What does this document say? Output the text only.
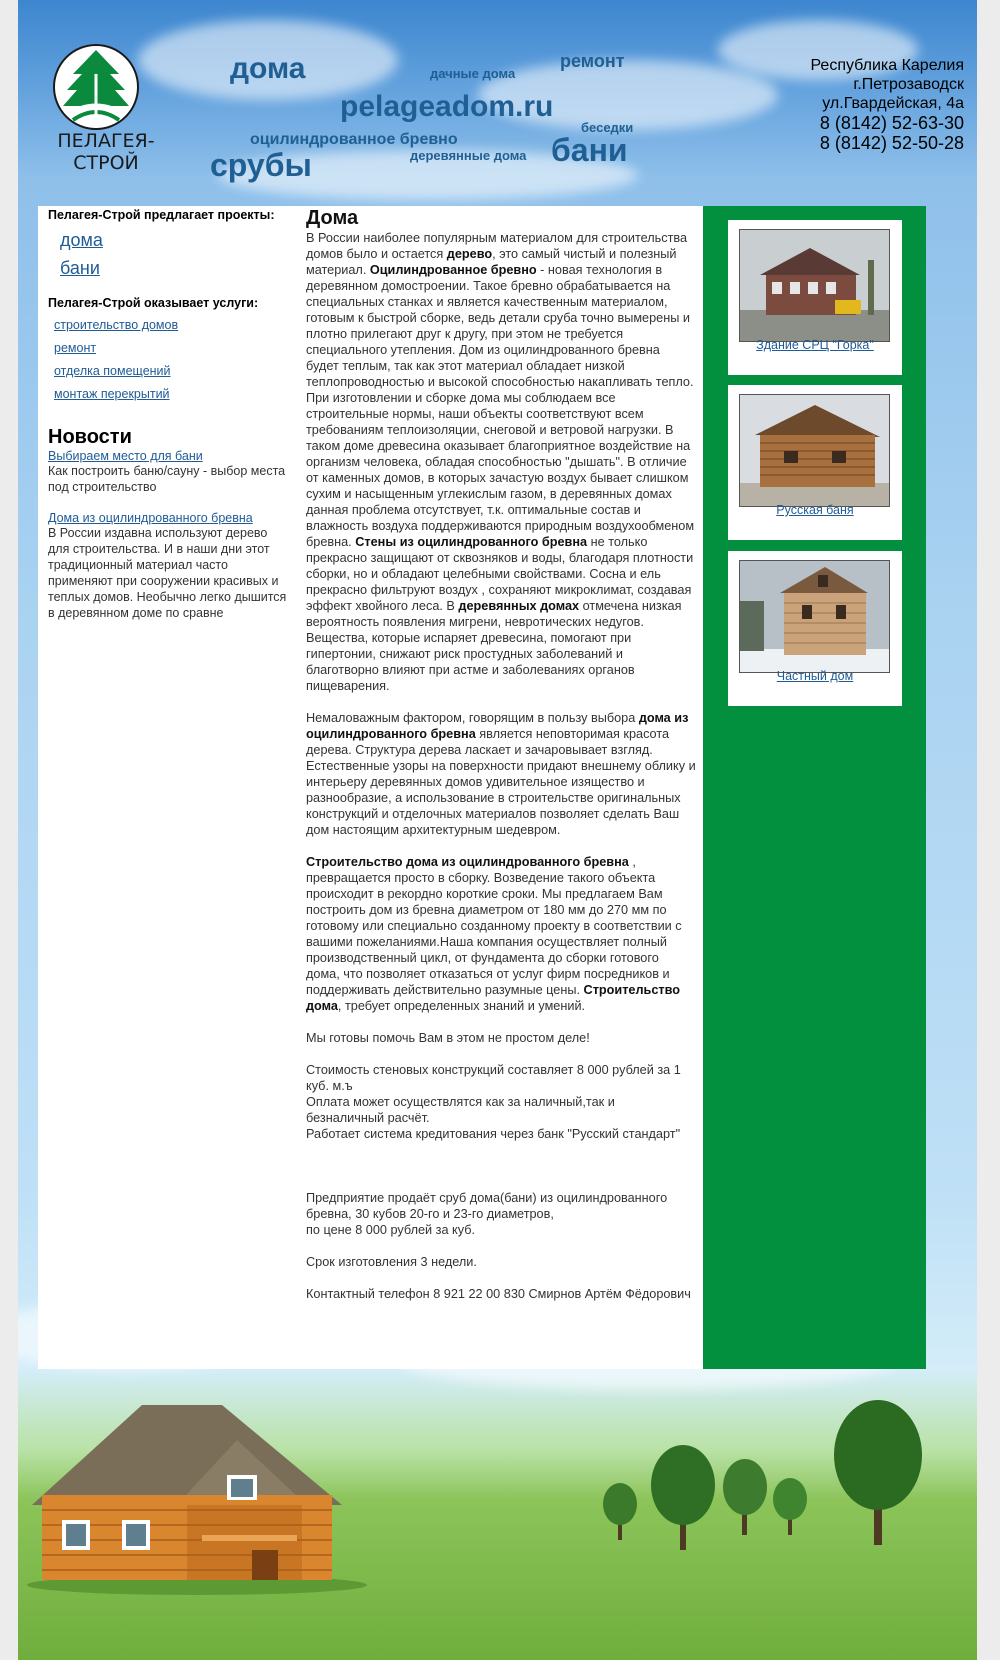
ПЕЛАГЕЯ-СТРОЙ
дома	дачные дома
ремонт
pelageadom.ru
беседки
оцилиндрованное бревно
деревянные дома бани
срубы
Республика Карелия
г.Петрозаводск
ул.Гвардейская, 4а
8 (8142) 52-63-30
8 (8142) 52-50-28
Пелагея-Строй предлагает проекты:
дома
бани
Пелагея-Строй оказывает услуги:
строительство домов
ремонт
отделка помещений
монтаж перекрытий
Новости
Выбираем место для бани

Как построить баню/сауну - выбор места под строительство

Дома из оцилиндрованного бревна

В России издавна используют дерево для строительства. И в наши дни этот традиционный материал часто применяют при сооружении красивых и теплых домов. Необычно легко дышится в деревянном доме по сравне

Дома

В России наиболее популярным материалом для строительства домов было и остается дерево, это самый чистый и полезный материал. Оцилиндрованное бревно - новая технология в деревянном домостроении. Такое бревно обрабатывается на специальных станках и является качественным материалом, готовым к быстрой сборке, ведь детали сруба точно вымерены и плотно прилегают друг к другу, при этом не требуется специального утепления. Дом из оцилиндрованного бревна будет теплым, так как этот материал обладает низкой теплопроводностью и высокой способностью накапливать тепло. При изготовлении и сборке дома мы соблюдаем все строительные нормы, наши объекты соответствуют всем требованиям теплоизоляции, снеговой и ветровой нагрузки. В таком доме древесина оказывает благоприятное воздействие на организм человека, обладая способностью "дышать". В отличие от каменных домов, в которых зачастую воздух бывает слишком сухим и насыщенным углекислым газом, в деревянных домах данная проблема отсутствует, т.к. оптимальные состав и влажность воздуха поддерживаются природным воздухообменом бревна. Стены из оцилиндрованного бревна не только прекрасно защищают от сквозняков и воды, благодаря плотности сборки, но и обладают целебными свойствами. Сосна и ель прекрасно фильтруют воздух , сохраняют микроклимат, создавая эффект хвойного леса. В деревянных домах отмечена низкая вероятность появления мигрени, невротических недугов. Вещества, которые испаряет древесина, помогают при гипертонии, снижают риск простудных заболеваний и благотворно влияют при астме и заболеваниях органов пищеварения.

Немаловажным фактором, говорящим в пользу выбора дома из оцилиндрованного бревна является неповторимая красота дерева. Структура дерева ласкает и зачаровывает взгляд. Естественные узоры на поверхности придают внешнему облику и интерьеру деревянных домов удивительное изящество и разнообразие, а использование в строительстве оригинальных конструкций и отделочных материалов позволяет сделать Ваш дом настоящим архитектурным шедевром.

Строительство дома из оцилиндрованного бревна , превращается просто в сборку. Возведение такого объекта происходит в рекордно короткие сроки. Мы предлагаем Вам построить дом из бревна диаметром от 180 мм до 270 мм по готовому или специально созданному проекту в соответствии с вашими пожеланиями.Наша компания осуществляет полный производственный цикл, от фундамента до сборки готового дома, что позволяет отказаться от услуг фирм посредников и поддерживать действительно разумные цены. Строительство дома, требует определенных знаний и умений.

Мы готовы помочь Вам в этом не простом деле!

Стоимость стеновых конструкций составляет 8 000 рублей за 1 куб. м.ъ
Оплата может осуществлятся как за наличный,так и безналичный расчёт.
Работает система кредитования через банк "Русский стандарт"

Предприятие продаёт сруб дома(бани) из оцилиндрованного бревна, 30 кубов 20-го и 23-го диаметров,
по цене 8 000 рублей за куб.

Срок изготовления 3 недели.

Контактный телефон 8 921 22 00 830 Смирнов Артём Фёдорович

Здание СРЦ "Горка"
Русская баня
Частный дом
